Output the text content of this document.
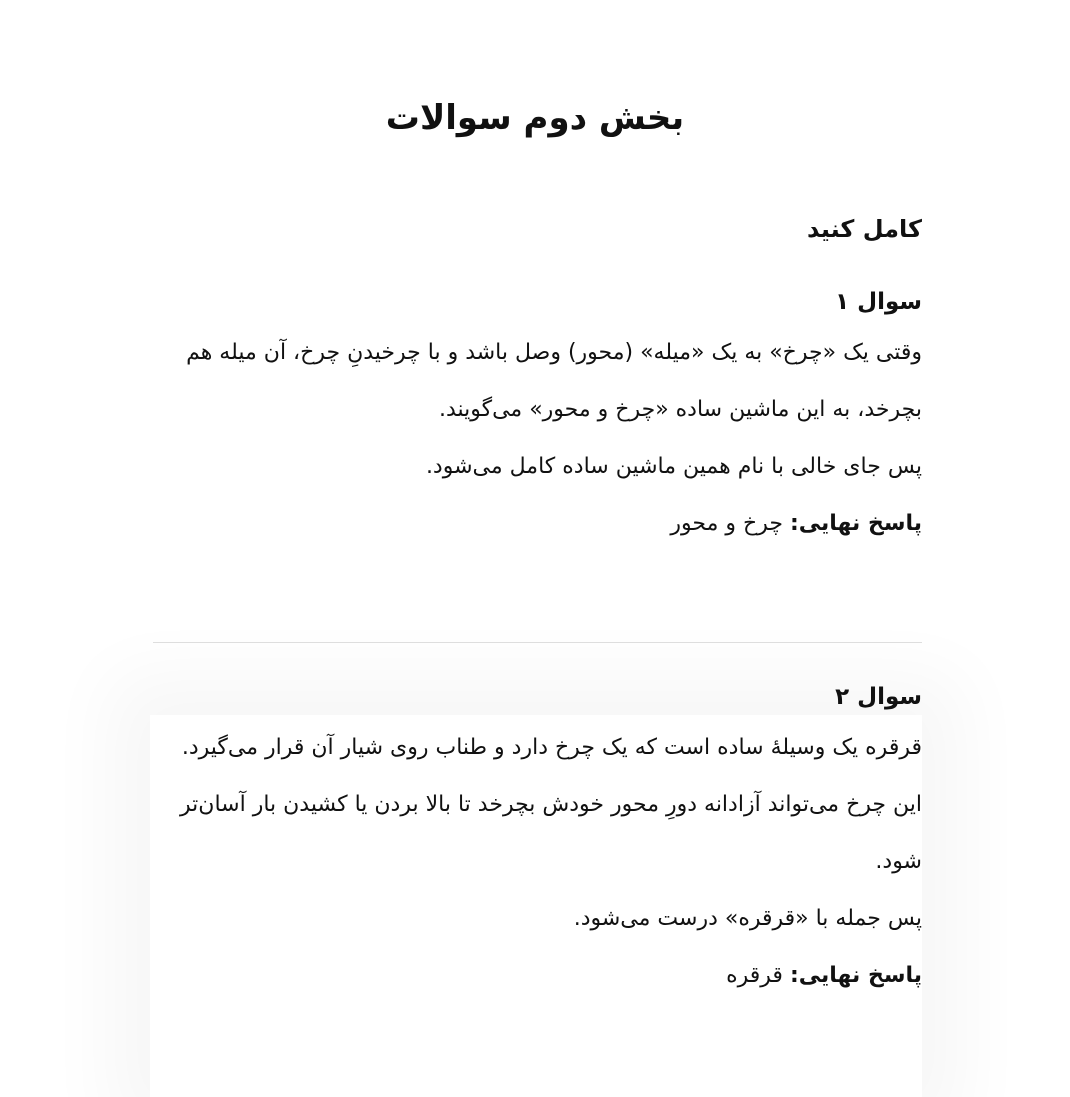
بخش دوم سوالات
کامل کنید

سوال ۱

وقتی یک «چرخ» به یک «میله» (محور) وصل باشد و با چرخیدنِ چرخ، آن میله هم بچرخد، به این ماشین ساده «چرخ و محور» می‌گویند.

پس جای خالی با نام همین ماشین ساده کامل می‌شود.

پاسخ نهایی: چرخ و محور

سوال ۲

قرقره یک وسیلهٔ ساده است که یک چرخ دارد و طناب روی شیار آن قرار می‌گیرد.

این چرخ می‌تواند آزادانه دورِ محور خودش بچرخد تا بالا بردن یا کشیدن بار آسان‌تر شود.

پس جمله با «قرقره» درست می‌شود.

پاسخ نهایی: قرقره
